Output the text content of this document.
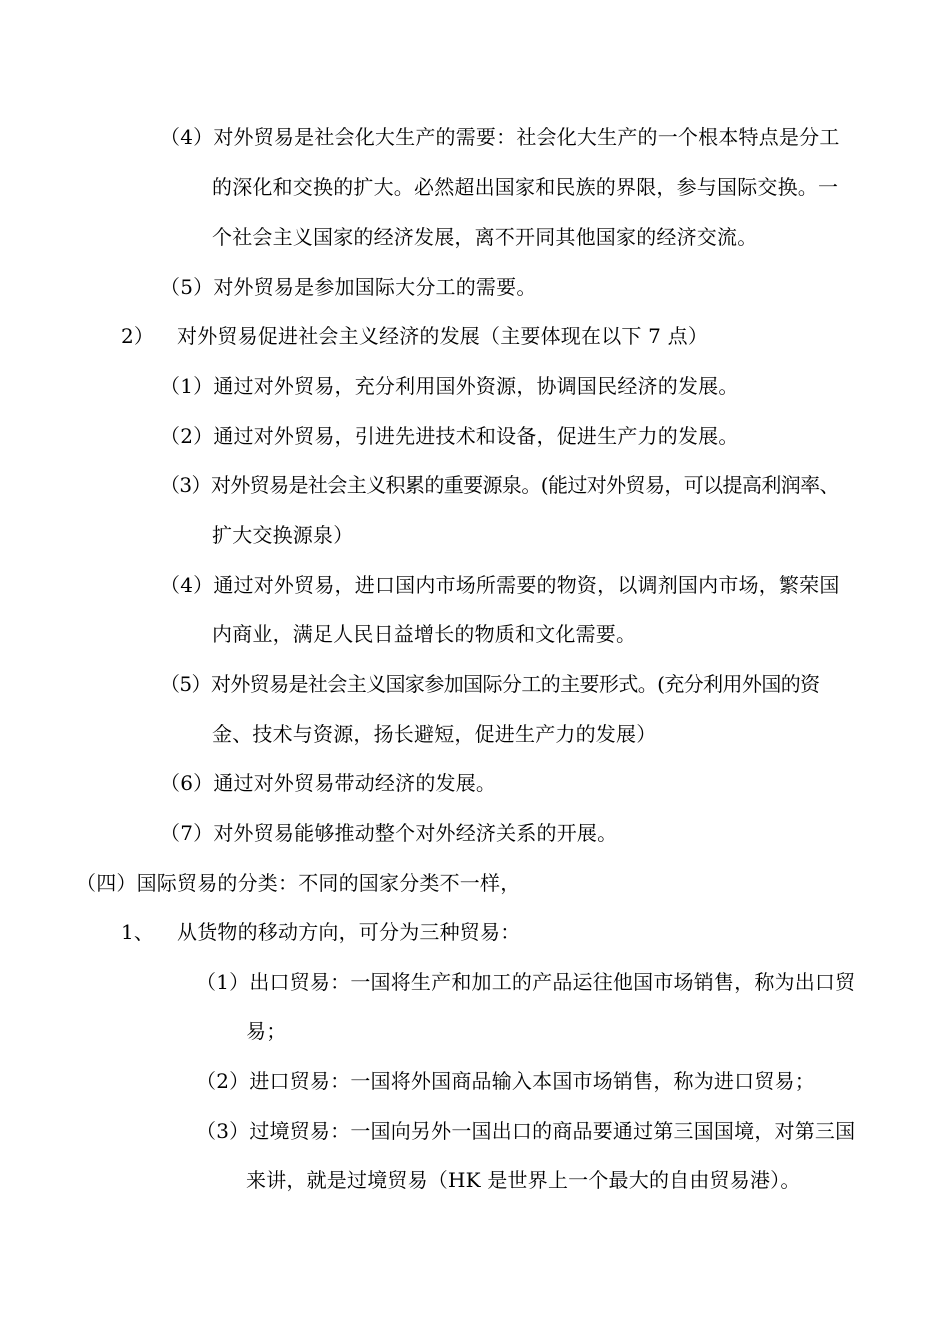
（4）对外贸易是社会化大生产的需要：社会化大生产的一个根本特点是分工
的深化和交换的扩大。必然超出国家和民族的界限，参与国际交换。一
个社会主义国家的经济发展，离不开同其他国家的经济交流。
（5）对外贸易是参加国际大分工的需要。
2） 对外贸易促进社会主义经济的发展（主要体现在以下 7 点）
（1）通过对外贸易，充分利用国外资源，协调国民经济的发展。
（2）通过对外贸易，引进先进技术和设备，促进生产力的发展。
（3）对外贸易是社会主义积累的重要源泉。(能过对外贸易，可以提高利润率、
扩大交换源泉）
（4）通过对外贸易，进口国内市场所需要的物资，以调剂国内市场，繁荣国
内商业，满足人民日益增长的物质和文化需要。
（5）对外贸易是社会主义国家参加国际分工的主要形式。(充分利用外国的资
金、技术与资源，扬长避短，促进生产力的发展）
（6）通过对外贸易带动经济的发展。
（7）对外贸易能够推动整个对外经济关系的开展。
（四）国际贸易的分类：不同的国家分类不一样，
1、 从货物的移动方向，可分为三种贸易：
（1）出口贸易：一国将生产和加工的产品运往他国市场销售，称为出口贸
易；
（2）进口贸易：一国将外国商品输入本国市场销售，称为进口贸易；
（3）过境贸易：一国向另外一国出口的商品要通过第三国国境，对第三国
来讲，就是过境贸易（HK 是世界上一个最大的自由贸易港）。
